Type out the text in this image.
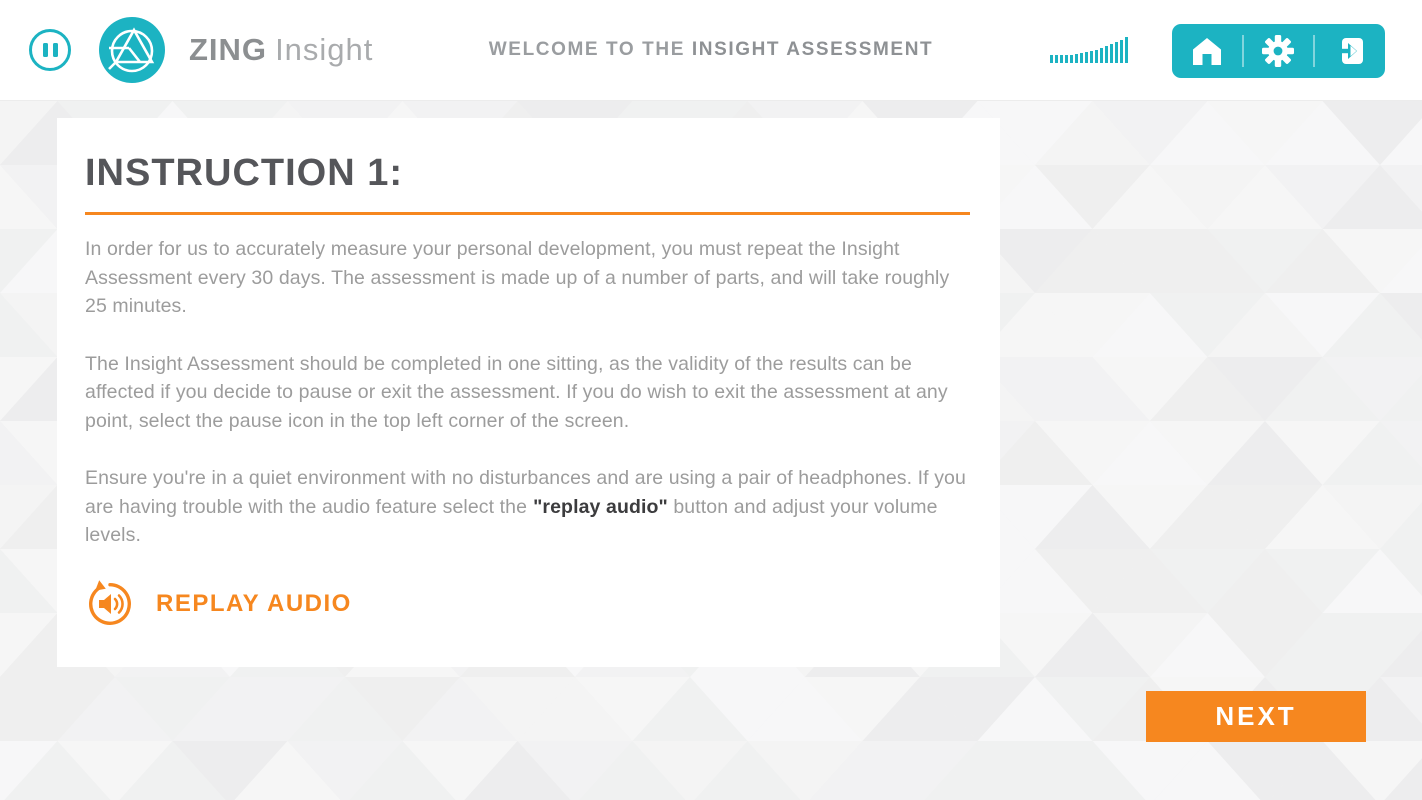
ZING Insight	WELCOME TO THE INSIGHT ASSESSMENT
INSTRUCTION 1:

In order for us to accurately measure your personal development, you must repeat the Insight Assessment every 30 days. The assessment is made up of a number of parts, and will take roughly 25 minutes.

The Insight Assessment should be completed in one sitting, as the validity of the results can be affected if you decide to pause or exit the assessment. If you do wish to exit the assessment at any point, select the pause icon in the top left corner of the screen.

Ensure you're in a quiet environment with no disturbances and are using a pair of headphones. If you are having trouble with the audio feature select the "replay audio" button and adjust your volume levels.

REPLAY AUDIO
NEXT
